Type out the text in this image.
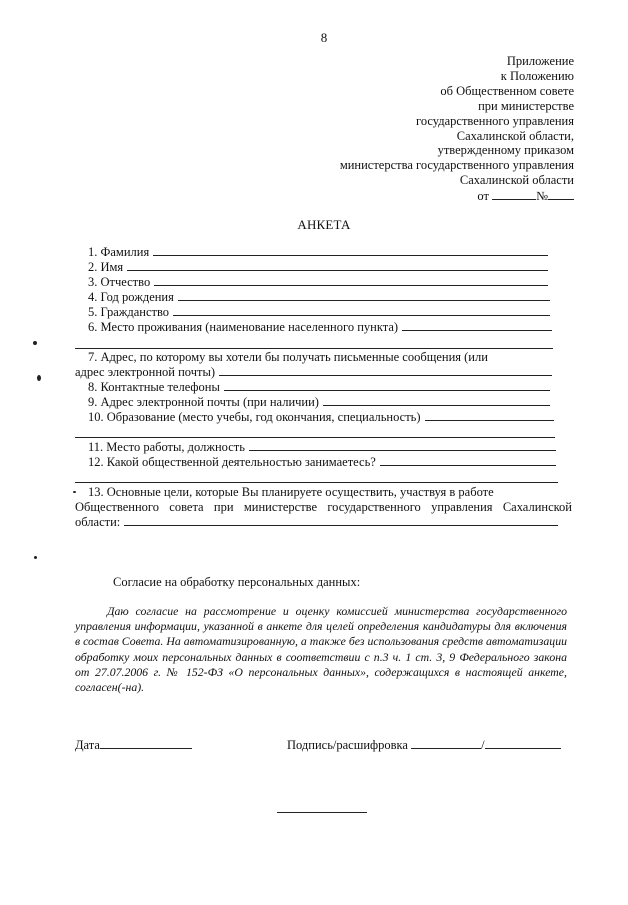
8
Приложение
к Положению
об Общественном совете
при министерстве
государственного управления
Сахалинской области,
утвержденному приказом
министерства государственного управления
Сахалинской области
от	№
АНКЕТА
1. Фамилия
2. Имя
3. Отчество
4. Год рождения
5. Гражданство
6. Место проживания (наименование населенного пункта)
7. Адрес, по которому вы хотели бы получать письменные сообщения (или
адрес электронной почты)
8. Контактные телефоны
9. Адрес электронной почты (при наличии)
10. Образование (место учебы, год окончания, специальность)
11. Место работы, должность
12. Какой общественной деятельностью занимаетесь?
13. Основные цели, которые Вы планируете осуществить, участвуя в работе
Общественного совета при министерстве государственного управления Сахалинской
области:
Согласие на обработку персональных данных:
Даю согласие на рассмотрение и оценку комиссией министерства государственного управления информации, указанной в анкете для целей определения кандидатуры для включения в состав Совета. На автоматизированную, а также без использования средств автоматизации обработку моих персональных данных в соответствии с п.3 ч. 1 ст. 3, 9 Федерального закона от 27.07.2006 г. № 152-ФЗ «О персональных данных», содержащихся в настоящей анкете, согласен(-на).
Дата	Подпись/расшифровка	/
